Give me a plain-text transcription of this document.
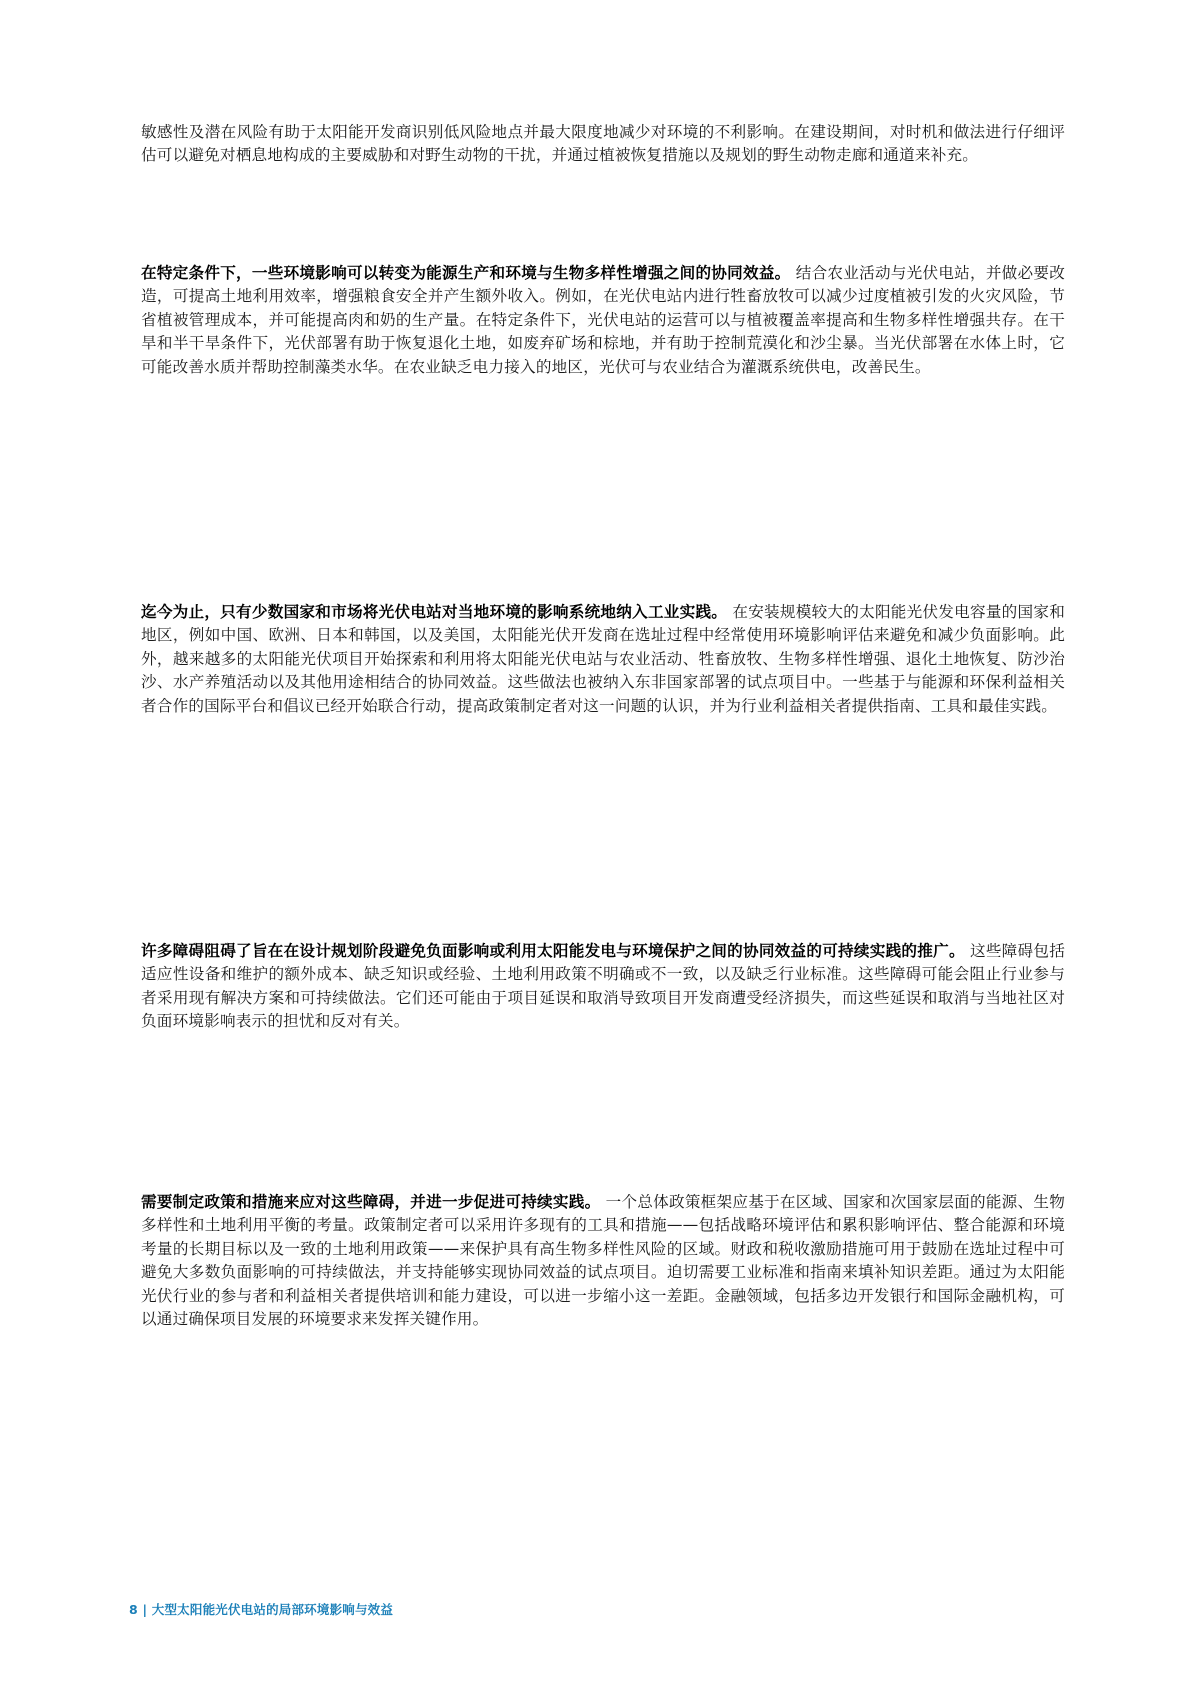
敏感性及潜在风险有助于太阳能开发商识别低风险地点并最大限度地减少对环境的不利影响。在建设期间，对时机和做法进行仔细评估可以避免对栖息地构成的主要威胁和对野生动物的干扰，并通过植被恢复措施以及规划的野生动物走廊和通道来补充。

在特定条件下，一些环境影响可以转变为能源生产和环境与生物多样性增强之间的协同效益。 结合农业活动与光伏电站，并做必要改造，可提高土地利用效率，增强粮食安全并产生额外收入。例如，在光伏电站内进行牲畜放牧可以减少过度植被引发的火灾风险，节省植被管理成本，并可能提高肉和奶的生产量。在特定条件下，光伏电站的运营可以与植被覆盖率提高和生物多样性增强共存。在干旱和半干旱条件下，光伏部署有助于恢复退化土地，如废弃矿场和棕地，并有助于控制荒漠化和沙尘暴。当光伏部署在水体上时，它可能改善水质并帮助控制藻类水华。在农业缺乏电力接入的地区，光伏可与农业结合为灌溉系统供电，改善民生。

迄今为止，只有少数国家和市场将光伏电站对当地环境的影响系统地纳入工业实践。 在安装规模较大的太阳能光伏发电容量的国家和地区，例如中国、欧洲、日本和韩国，以及美国，太阳能光伏开发商在选址过程中经常使用环境影响评估来避免和减少负面影响。此外，越来越多的太阳能光伏项目开始探索和利用将太阳能光伏电站与农业活动、牲畜放牧、生物多样性增强、退化土地恢复、防沙治沙、水产养殖活动以及其他用途相结合的协同效益。这些做法也被纳入东非国家部署的试点项目中。一些基于与能源和环保利益相关者合作的国际平台和倡议已经开始联合行动，提高政策制定者对这一问题的认识，并为行业利益相关者提供指南、工具和最佳实践。

许多障碍阻碍了旨在在设计规划阶段避免负面影响或利用太阳能发电与环境保护之间的协同效益的可持续实践的推广。 这些障碍包括适应性设备和维护的额外成本、缺乏知识或经验、土地利用政策不明确或不一致，以及缺乏行业标准。这些障碍可能会阻止行业参与者采用现有解决方案和可持续做法。它们还可能由于项目延误和取消导致项目开发商遭受经济损失，而这些延误和取消与当地社区对负面环境影响表示的担忧和反对有关。

需要制定政策和措施来应对这些障碍，并进一步促进可持续实践。 一个总体政策框架应基于在区域、国家和次国家层面的能源、生物多样性和土地利用平衡的考量。政策制定者可以采用许多现有的工具和措施——包括战略环境评估和累积影响评估、整合能源和环境考量的长期目标以及一致的土地利用政策——来保护具有高生物多样性风险的区域。财政和税收激励措施可用于鼓励在选址过程中可避免大多数负面影响的可持续做法，并支持能够实现协同效益的试点项目。迫切需要工业标准和指南来填补知识差距。通过为太阳能光伏行业的参与者和利益相关者提供培训和能力建设，可以进一步缩小这一差距。金融领域，包括多边开发银行和国际金融机构，可以通过确保项目发展的环境要求来发挥关键作用。

8 | 大型太阳能光伏电站的局部环境影响与效益
